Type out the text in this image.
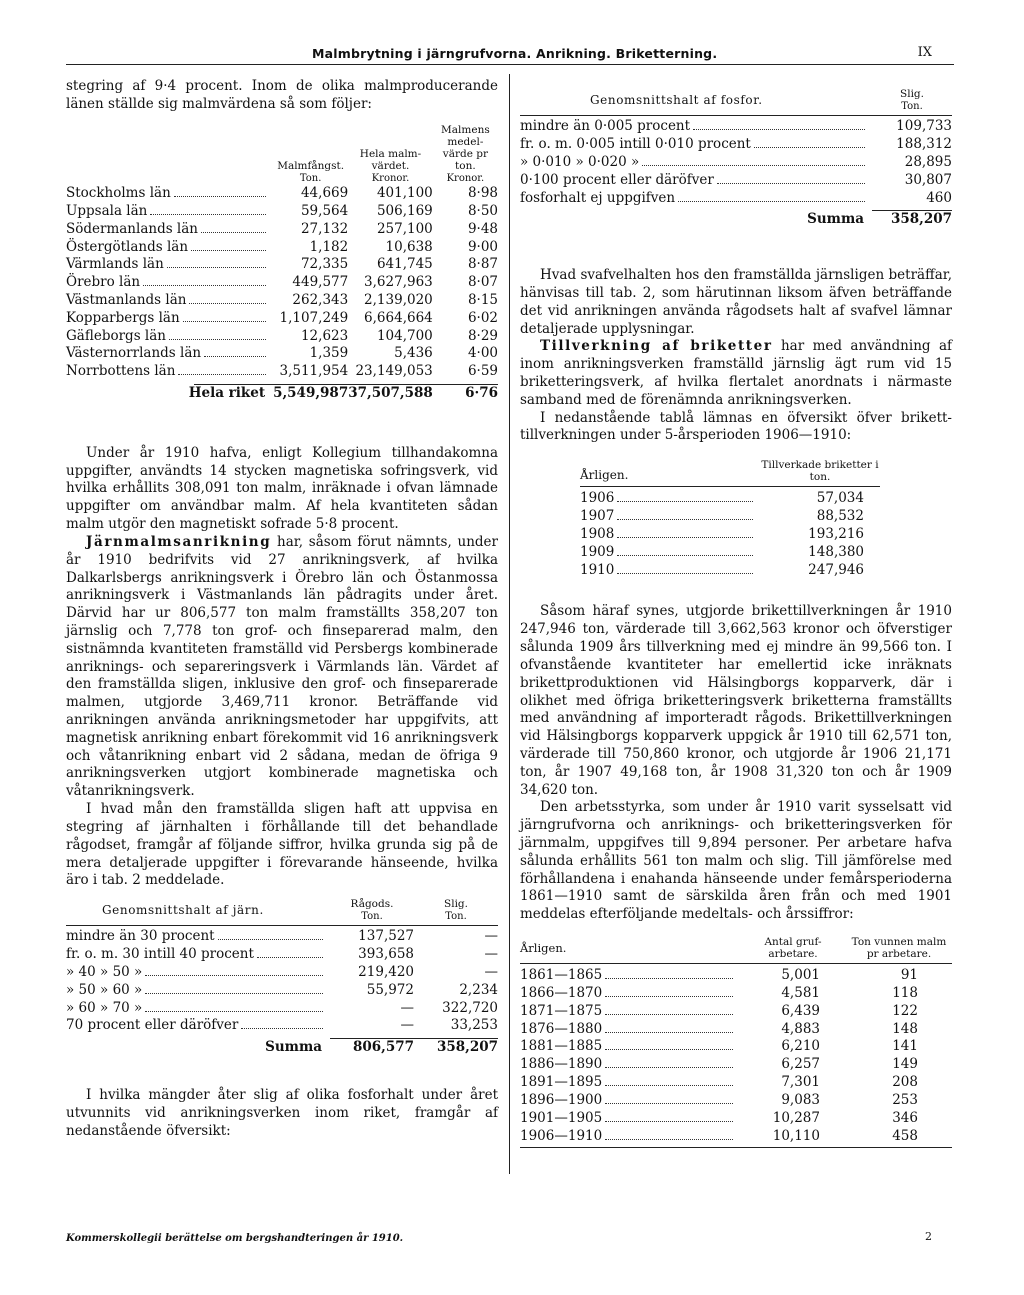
Malmbrytning i järngrufvorna. Anrikning. Briketterning.	IX

stegring af 9·4 procent. Inom de olika malmproducerande länen ställde sig malmvärdena så som följer:

	Malmfångst.	Hela malm-värdet.	Malmens medel-värde pr ton.
	Ton.	Kronor.	Kronor.

Stockholms län	44,669	401,100	8·98

Uppsala län	59,564	506,169	8·50

Södermanlands län	27,132	257,100	9·48

Östergötlands län	1,182	10,638	9·00

Värmlands län	72,335	641,745	8·87

Örebro län	449,577	3,627,963	8·07

Västmanlands län	262,343	2,139,020	8·15

Kopparbergs län	1,107,249	6,664,664	6·02

Gäfleborgs län	12,623	104,700	8·29

Västernorrlands län	1,359	5,436	4·00

Norrbottens län	3,511,954	23,149,053	6·59

Hela riket	5,549,987	37,507,588	6·76

Under år 1910 hafva, enligt Kollegium tillhandakomna uppgifter, användts 14 stycken magnetiska sofringsverk, vid hvilka erhållits 308,091 ton malm, inräknade i ofvan lämnade uppgifter om användbar malm. Af hela kvantiteten sådan malm utgör den magnetiskt sofrade 5·8 procent.

Järnmalmsanrikning har, såsom förut nämnts, under år 1910 bedrifvits vid 27 anrikningsverk, af hvilka Dalkarlsbergs anrikningsverk i Örebro län och Östanmossa anrikningsverk i Västmanlands län pådragits under året. Därvid har ur 806,577 ton malm framställts 358,207 ton järnslig och 7,778 ton grof- och finseparerad malm, den sistnämnda kvantiteten framställd vid Persbergs kombinerade anriknings- och separeringsverk i Värmlands län. Värdet af den framställda sligen, inklusive den grof- och finseparerade malmen, utgjorde 3,469,711 kronor. Beträffande vid anrikningen använda anrikningsmetoder har uppgifvits, att magnetisk anrikning enbart förekommit vid 16 anrikningsverk och våtanrikning enbart vid 2 sådana, medan de öfriga 9 anrikningsverken utgjort kombinerade magnetiska och våtanrikningsverk.

I hvad mån den framställda sligen haft att uppvisa en stegring af järnhalten i förhållande till det behandlade rågodset, framgår af följande siffror, hvilka grunda sig på de mera detaljerade uppgifter i förevarande hänseende, hvilka äro i tab. 2 meddelade.

Genomsnittshalt af järn.	Rågods.	Slig.
	Ton.	Ton.

mindre än 30 procent	137,527	—

fr. o. m. 30 intill 40 procent	393,658	—

» 40 » 50 »	219,420	—

» 50 » 60 »	55,972	2,234

» 60 » 70 »	—	322,720

70 procent eller däröfver	—	33,253

Summa	806,577	358,207

I hvilka mängder åter slig af olika fosforhalt under året utvunnits vid anrikningsverken inom riket, framgår af nedanstående öfversikt:

Genomsnittshalt af fosfor.	Slig.
	Ton.

mindre än 0·005 procent	109,733

fr. o. m. 0·005 intill 0·010 procent	188,312

» 0·010 » 0·020 »	28,895

0·100 procent eller däröfver	30,807

fosforhalt ej uppgifven	460

Summa	358,207

Hvad svafvelhalten hos den framställda järnsligen beträffar, hänvisas till tab. 2, som härutinnan liksom äfven beträffande det vid anrikningen använda rågodsets halt af svafvel lämnar detaljerade upplysningar.

Tillverkning af briketter har med användning af inom anrikningsverken framställd järnslig ägt rum vid 15 briketteringsverk, af hvilka flertalet anordnats i närmaste samband med de förenämnda anrikningsverken.

I nedanstående tablå lämnas en öfversikt öfver brikett-tillverkningen under 5-årsperioden 1906—1910:

Årligen.	Tillverkade briketter i ton.

1906	57,034

1907	88,532

1908	193,216

1909	148,380

1910	247,946

Såsom häraf synes, utgjorde brikettillverkningen år 1910 247,946 ton, värderade till 3,662,563 kronor och öfverstiger sålunda 1909 års tillverkning med ej mindre än 99,566 ton. I ofvanstående kvantiteter har emellertid icke inräknats brikettproduktionen vid Hälsingborgs kopparverk, där i olikhet med öfriga briketteringsverk briketterna framställts med användning af importeradt rågods. Brikettillverkningen vid Hälsingborgs kopparverk uppgick år 1910 till 62,571 ton, värderade till 750,860 kronor, och utgjorde år 1906 21,171 ton, år 1907 49,168 ton, år 1908 31,320 ton och år 1909 34,620 ton.

Den arbetsstyrka, som under år 1910 varit sysselsatt vid järngrufvorna och anriknings- och briketteringsverken för järnmalm, uppgifves till 9,894 personer. Per arbetare hafva sålunda erhållits 561 ton malm och slig. Till jämförelse med förhållandena i enahanda hänseende under femårsperioderna 1861—1910 samt de särskilda åren från och med 1901 meddelas efterföljande medeltals- och årssiffror:

Årligen.	Antal gruf-arbetare.	Ton vunnen malm pr arbetare.

1861—1865	5,001	91

1866—1870	4,581	118

1871—1875	6,439	122

1876—1880	4,883	148

1881—1885	6,210	141

1886—1890	6,257	149

1891—1895	7,301	208

1896—1900	9,083	253

1901—1905	10,287	346

1906—1910	10,110	458

Kommerskollegii berättelse om bergshandteringen år 1910.	2
